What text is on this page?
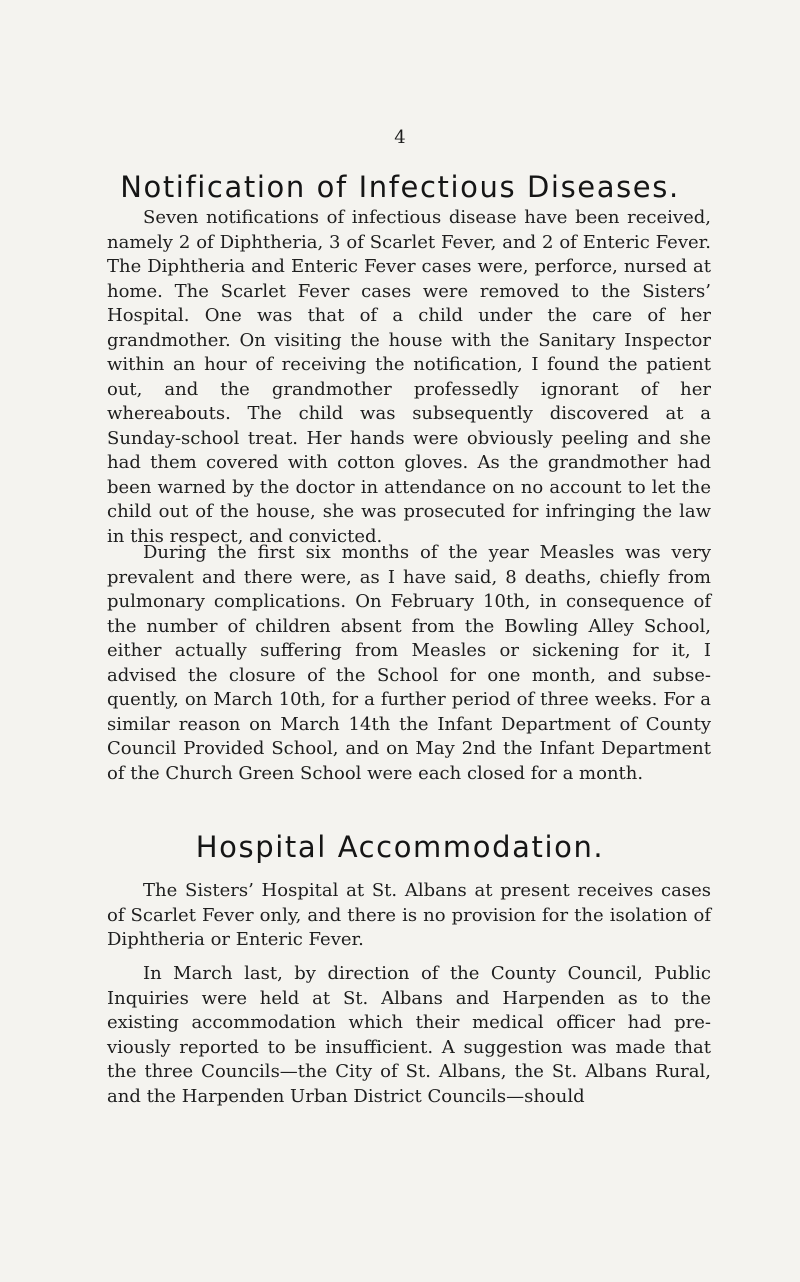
4
Notification of Infectious Diseases.

Seven notifications of infectious disease have been received, namely 2 of Diphtheria, 3 of Scarlet Fever, and 2 of Enteric Fever. The Diphtheria and Enteric Fever cases were, perforce, nursed at home. The Scarlet Fever cases were removed to the Sisters’ Hospital. One was that of a child under the care of her grandmother. On visiting the house with the Sanitary Inspector within an hour of receiving the notification, I found the patient out, and the grandmother professedly ignorant of her whereabouts. The child was subsequently discovered at a Sunday-school treat. Her hands were obviously peeling and she had them covered with cotton gloves. As the grandmother had been warned by the doctor in attendance on no account to let the child out of the house, she was prosecuted for infringing the law in this respect, and convicted.

During the first six months of the year Measles was very prevalent and there were, as I have said, 8 deaths, chiefly from pulmonary complications. On February 10th, in consequence of the number of children absent from the Bowling Alley School, either actually suffering from Measles or sickening for it, I advised the closure of the School for one month, and subsequently, on March 10th, for a further period of three weeks. For a similar reason on March 14th the Infant Department of County Council Provided School, and on May 2nd the Infant Department of the Church Green School were each closed for a month.

Hospital Accommodation.

The Sisters’ Hospital at St. Albans at present receives cases of Scarlet Fever only, and there is no provision for the isolation of Diphtheria or Enteric Fever.

In March last, by direction of the County Council, Public Inquiries were held at St. Albans and Harpenden as to the existing accommodation which their medical officer had previously reported to be insufficient. A suggestion was made that the three Councils—the City of St. Albans, the St. Albans Rural, and the Harpenden Urban District Councils—should
